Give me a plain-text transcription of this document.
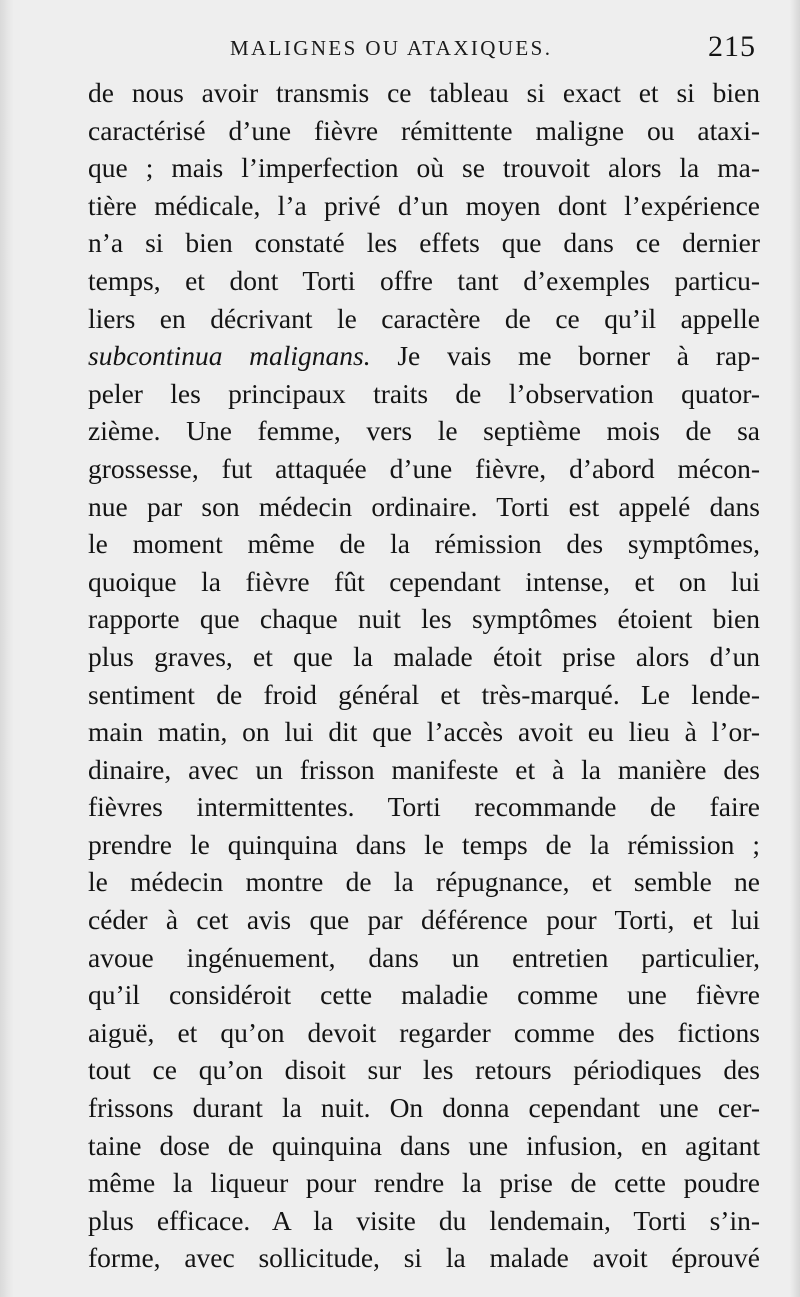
MALIGNES OU ATAXIQUES.	215
de nous avoir transmis ce tableau si exact et si bien
caractérisé d’une fièvre rémittente maligne ou ataxi-
que ; mais l’imperfection où se trouvoit alors la ma-
tière médicale, l’a privé d’un moyen dont l’expérience
n’a si bien constaté les effets que dans ce dernier
temps, et dont Torti offre tant d’exemples particu-
liers en décrivant le caractère de ce qu’il appelle
subcontinua malignans. Je vais me borner à rap-
peler les principaux traits de l’observation quator-
zième. Une femme, vers le septième mois de sa
grossesse, fut attaquée d’une fièvre, d’abord mécon-
nue par son médecin ordinaire. Torti est appelé dans
le moment même de la rémission des symptômes,
quoique la fièvre fût cependant intense, et on lui
rapporte que chaque nuit les symptômes étoient bien
plus graves, et que la malade étoit prise alors d’un
sentiment de froid général et très-marqué. Le lende-
main matin, on lui dit que l’accès avoit eu lieu à l’or-
dinaire, avec un frisson manifeste et à la manière des
fièvres intermittentes. Torti recommande de faire
prendre le quinquina dans le temps de la rémission ;
le médecin montre de la répugnance, et semble ne
céder à cet avis que par déférence pour Torti, et lui
avoue ingénuement, dans un entretien particulier,
qu’il considéroit cette maladie comme une fièvre
aiguë, et qu’on devoit regarder comme des fictions
tout ce qu’on disoit sur les retours périodiques des
frissons durant la nuit. On donna cependant une cer-
taine dose de quinquina dans une infusion, en agitant
même la liqueur pour rendre la prise de cette poudre
plus efficace. A la visite du lendemain, Torti s’in-
forme, avec sollicitude, si la malade avoit éprouvé
